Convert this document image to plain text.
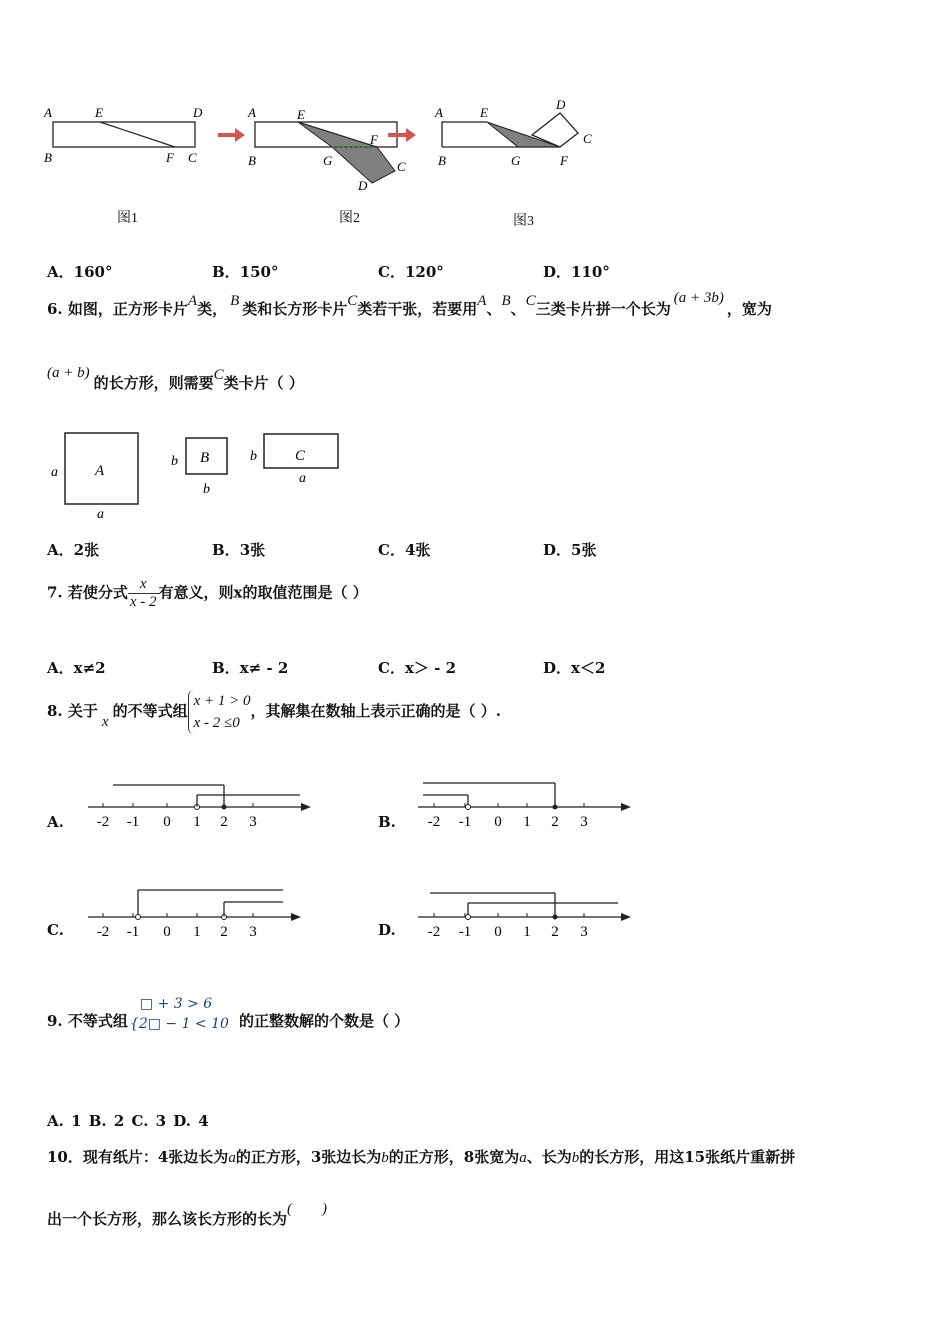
A	E	D
B	F C
A	E
F
B	G	C
D
A	E
D
C
B	G	F
图1	图2	图3
A．160°	B．150°	C．120°	D．110°
6. 如图，正方形卡片A类， B 类和长方形卡片C类若干张，若要用A、B、C三类卡片拼一个长为(a + 3b)，宽为
(a + b)的长方形，则需要C类卡片（ ）
A
a
a
B
b
b
C
b
a
A．2张	B．3张	C．4张	D．5张
7. 若使分式 $\frac{x}{x - 2}$ 有意义，则x的取值范围是（ ）
A．x≠2	B．x≠ - 2	C．x＞ - 2	D．x＜2
8. 关于x的不等式组
x + 1 > 0
x - 2 ≤0
，其解集在数轴上表示正确的是（ ）.
A. -2 -1 0 1 2 3	B. -2 -1 0 1 2 3
C. -2 -1 0 1 2 3	D. -2 -1 0 1 2 3
9. 不等式组
□ + 3 > 6
{2□ − 1 < 10 的正整数解的个数是（ ）
A. 1 B. 2 C. 3 D. 4
10．现有纸片：4张边长为a的正方形，3张边长为b的正方形，8张宽为a、长为b的长方形，用这15张纸片重新拼
出一个长方形，那么该长方形的长为(        )
